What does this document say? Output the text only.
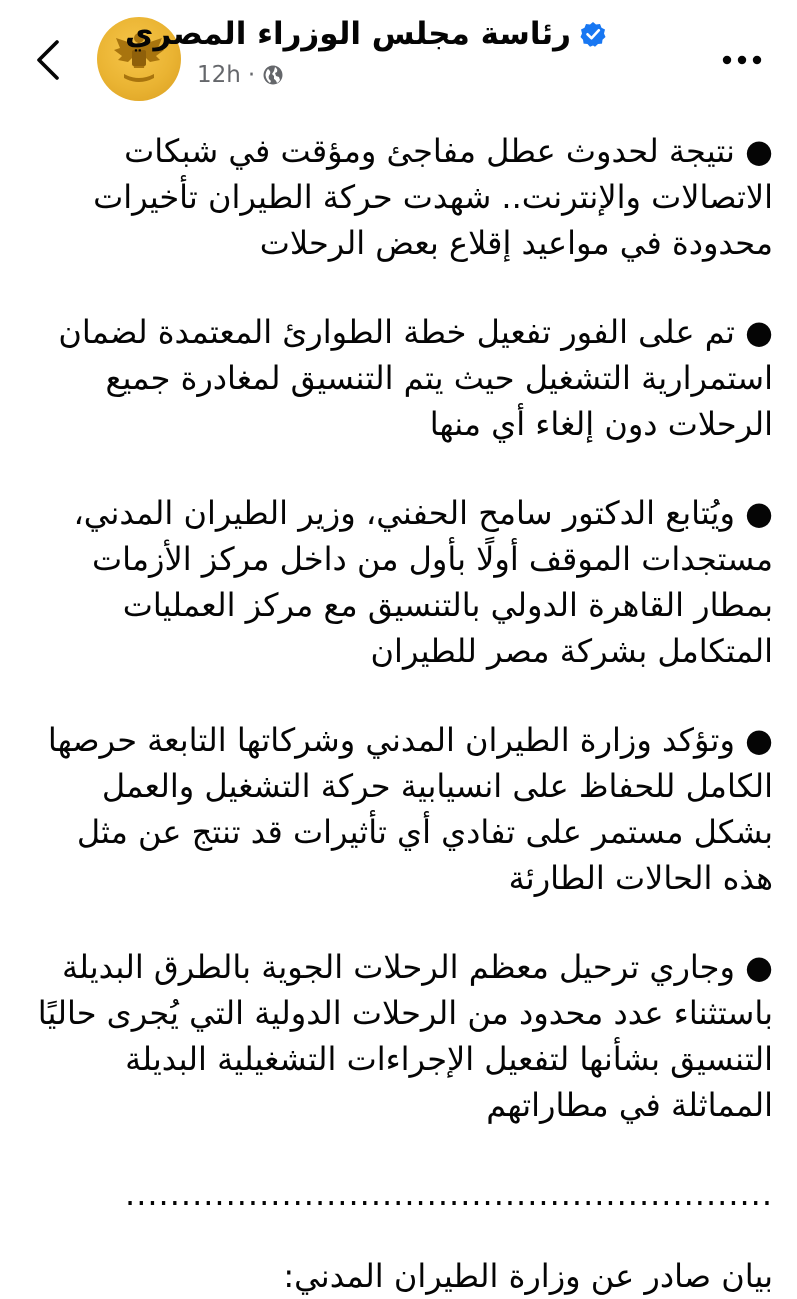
رئاسة مجلس الوزراء المصري
12h ·

● نتيجة لحدوث عطل مفاجئ ومؤقت في شبكات الاتصالات والإنترنت.. شهدت حركة الطيران تأخيرات محدودة في مواعيد إقلاع بعض الرحلات

● تم على الفور تفعيل خطة الطوارئ المعتمدة لضمان استمرارية التشغيل حيث يتم التنسيق لمغادرة جميع الرحلات دون إلغاء أي منها

● ويُتابع الدكتور سامح الحفني، وزير الطيران المدني، مستجدات الموقف أولًا بأول من داخل مركز الأزمات بمطار القاهرة الدولي بالتنسيق مع مركز العمليات المتكامل بشركة مصر للطيران

● وتؤكد وزارة الطيران المدني وشركاتها التابعة حرصها الكامل للحفاظ على انسيابية حركة التشغيل والعمل بشكل مستمر على تفادي أي تأثيرات قد تنتج عن مثل هذه الحالات الطارئة

● وجاري ترحيل معظم الرحلات الجوية بالطرق البديلة باستثناء عدد محدود من الرحلات الدولية التي يُجرى حاليًا التنسيق بشأنها لتفعيل الإجراءات التشغيلية البديلة المماثلة في مطاراتهم

..........................................................

بيان صادر عن وزارة الطيران المدني:
